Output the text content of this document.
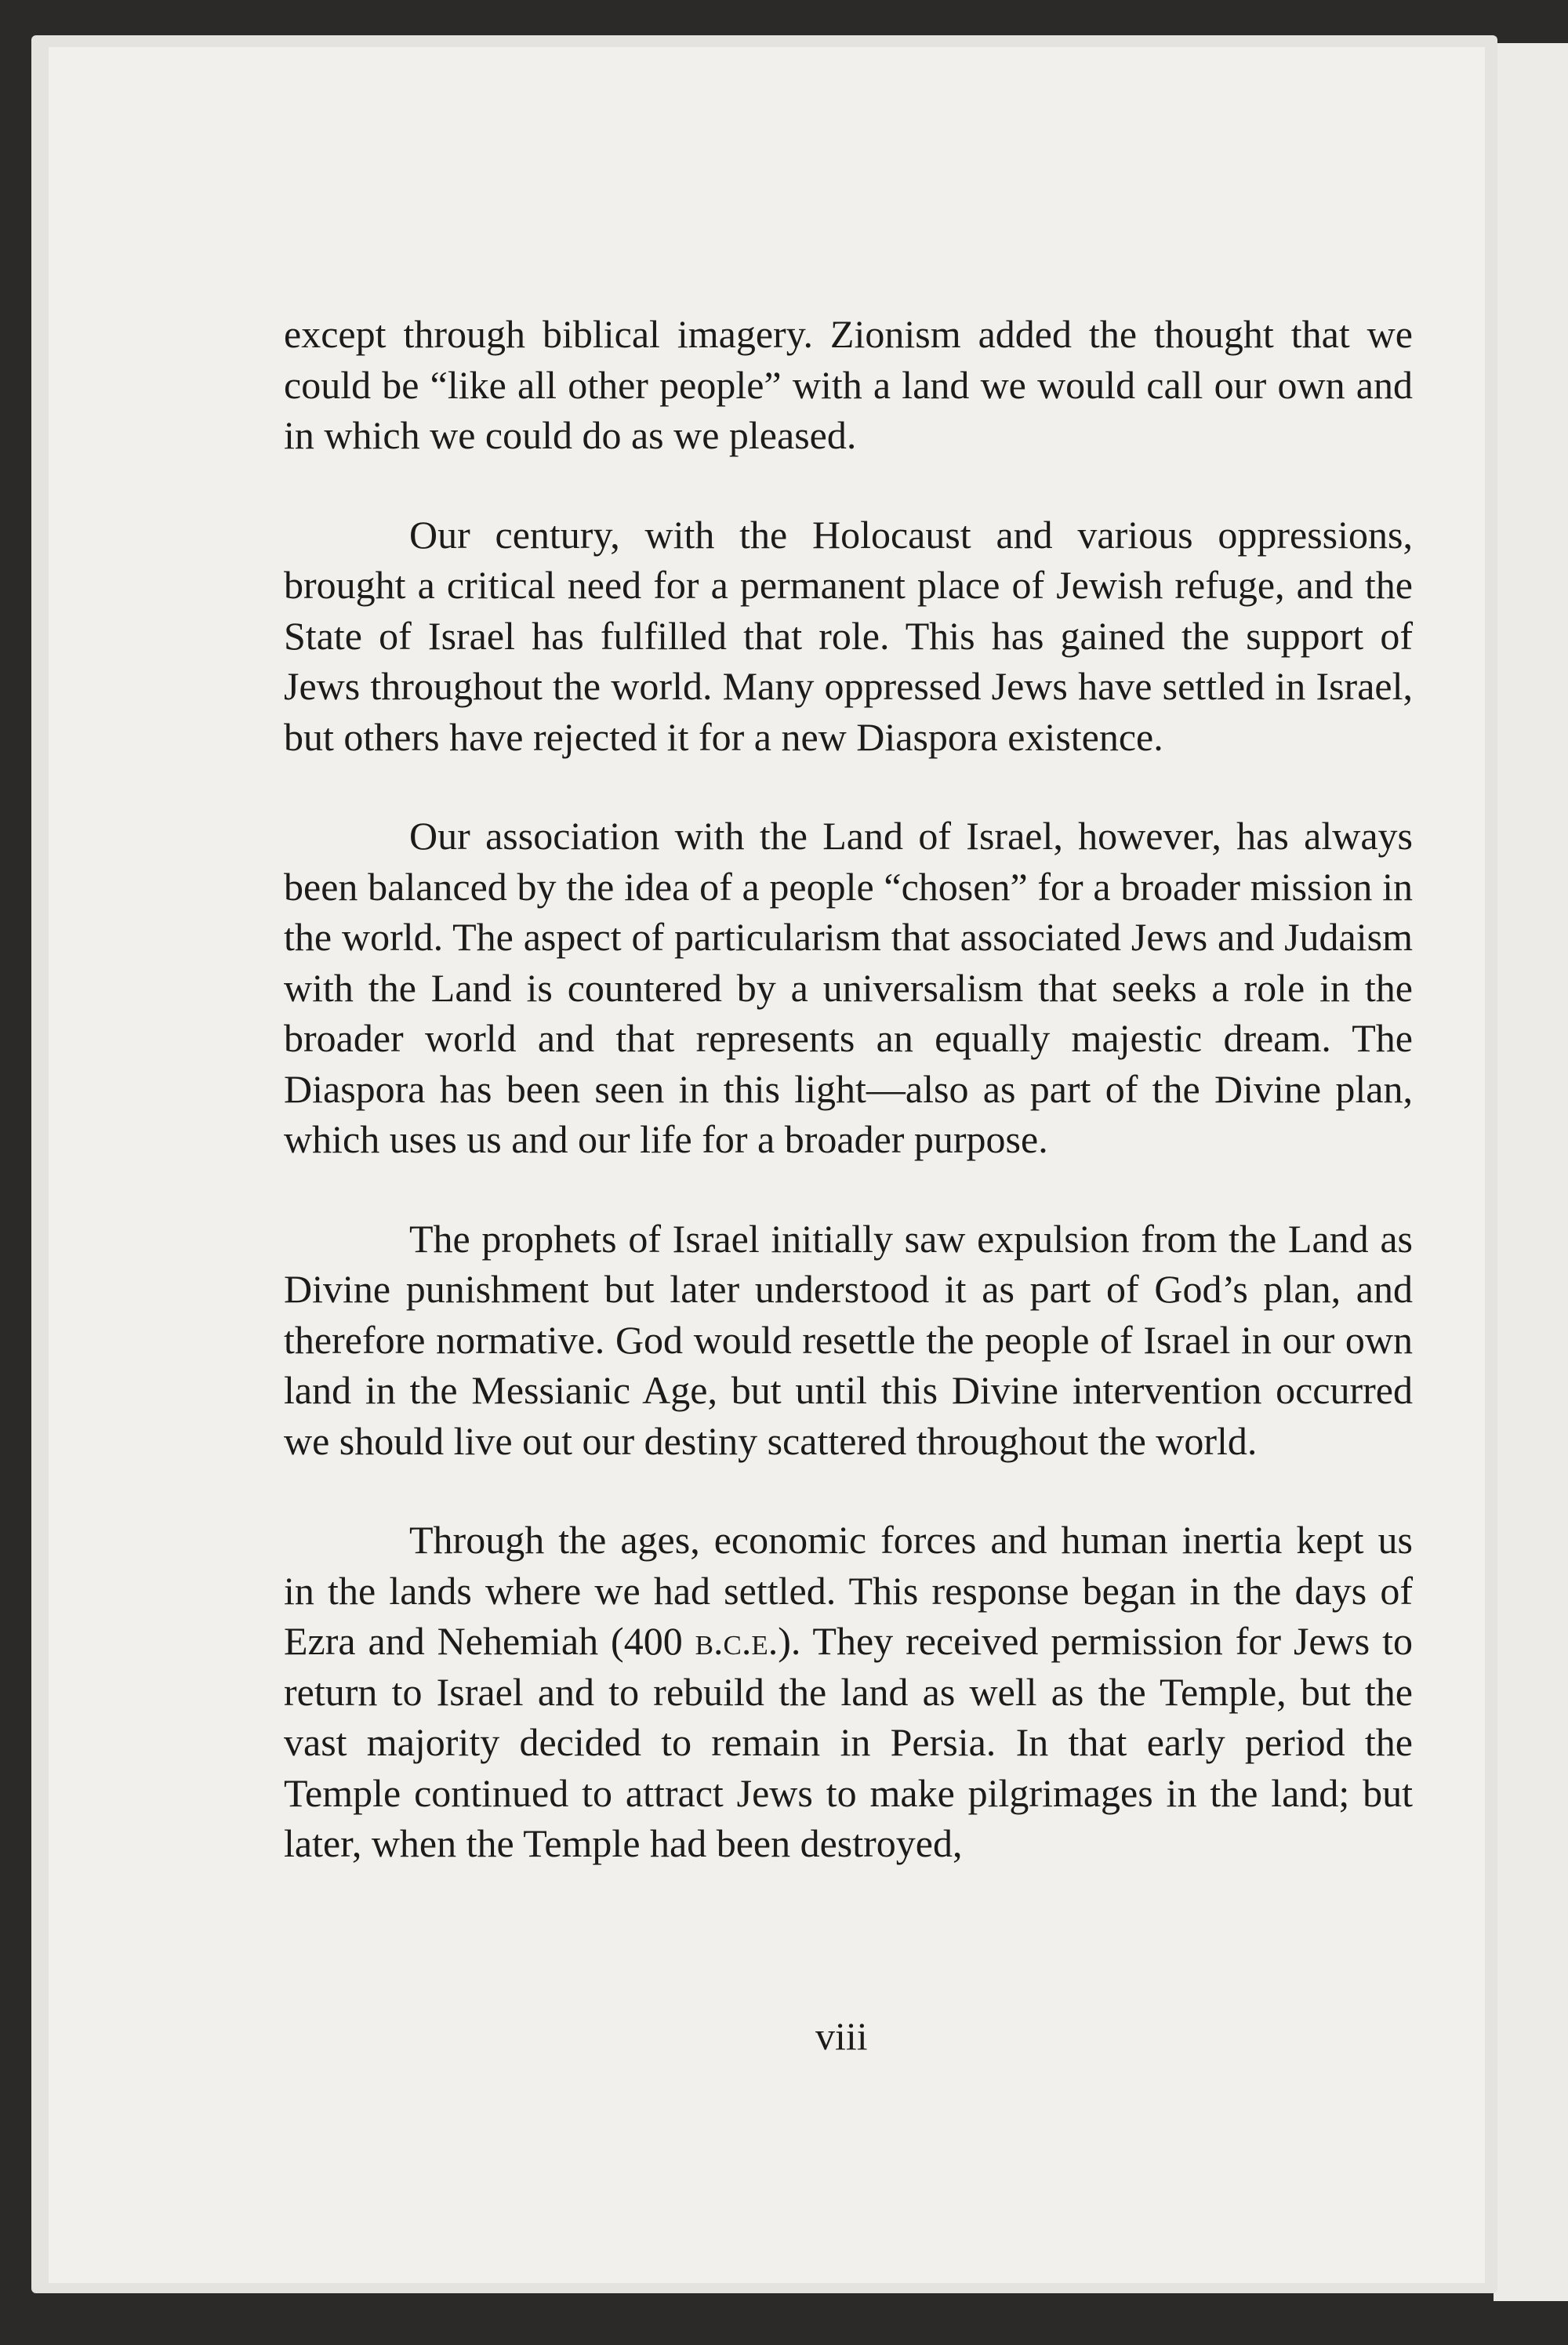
except through biblical imagery. Zionism added the thought that we could be “like all other people” with a land we would call our own and in which we could do as we pleased.

Our century, with the Holocaust and various oppressions, brought a critical need for a permanent place of Jewish refuge, and the State of Israel has fulfilled that role. This has gained the support of Jews throughout the world. Many oppressed Jews have settled in Israel, but others have rejected it for a new Diaspora existence.

Our association with the Land of Israel, however, has always been balanced by the idea of a people “chosen” for a broader mission in the world. The aspect of particularism that associated Jews and Judaism with the Land is countered by a universalism that seeks a role in the broader world and that represents an equally majestic dream. The Diaspora has been seen in this light—also as part of the Divine plan, which uses us and our life for a broader purpose.

The prophets of Israel initially saw expulsion from the Land as Divine punishment but later understood it as part of God’s plan, and therefore normative. God would resettle the people of Israel in our own land in the Messianic Age, but until this Divine intervention occurred we should live out our destiny scattered throughout the world.

Through the ages, economic forces and human inertia kept us in the lands where we had settled. This response began in the days of Ezra and Nehemiah (400 b.c.e.). They received permission for Jews to return to Israel and to rebuild the land as well as the Temple, but the vast majority decided to remain in Persia. In that early period the Temple continued to attract Jews to make pilgrimages in the land; but later, when the Temple had been destroyed,

viii
